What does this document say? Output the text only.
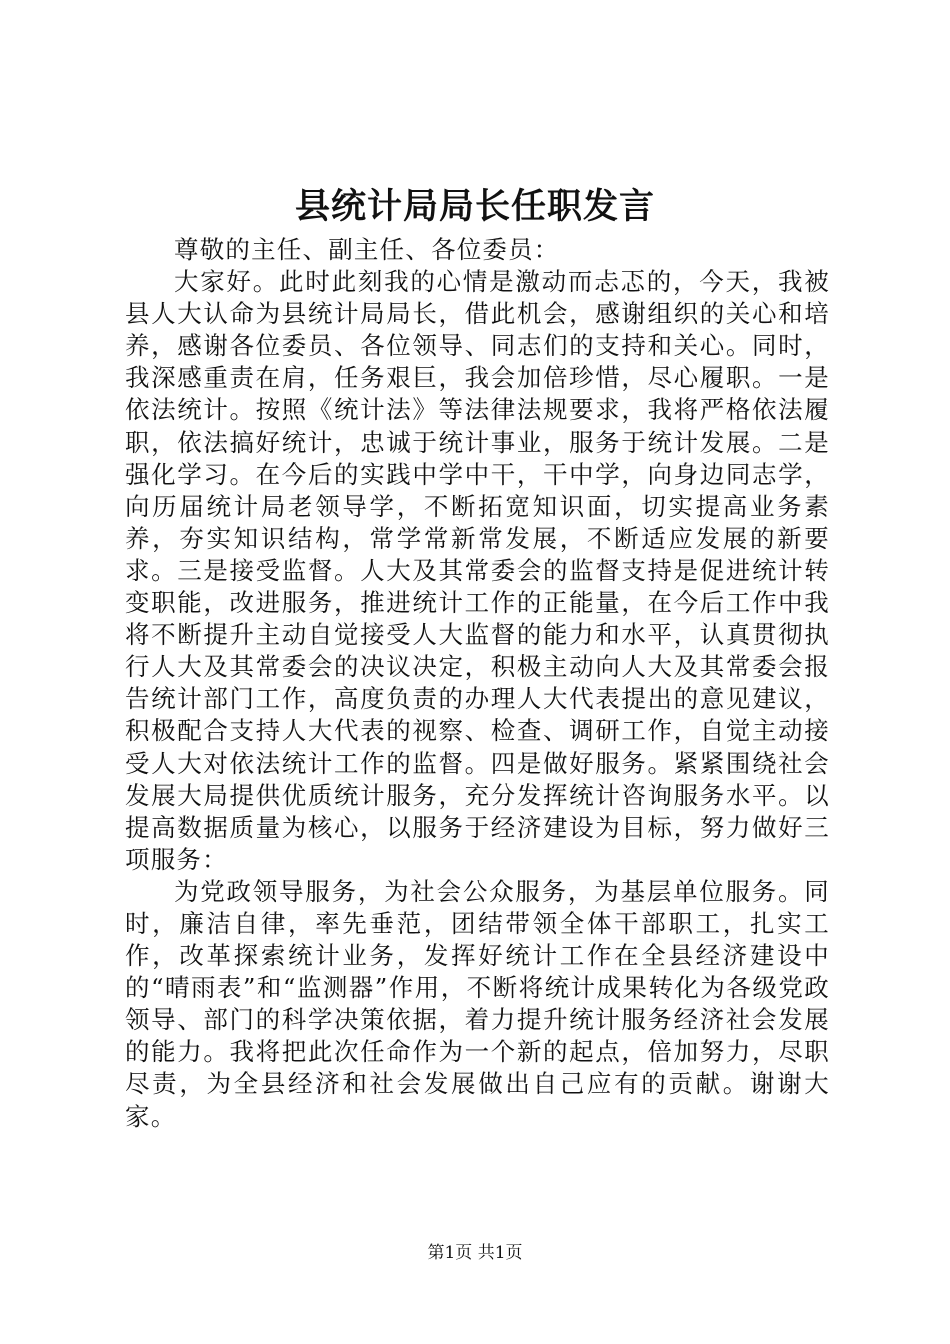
县统计局局长任职发言

尊敬的主任、副主任、各位委员：

大家好。此时此刻我的心情是激动而忐忑的，今天，我被县人大认命为县统计局局长，借此机会，感谢组织的关心和培养，感谢各位委员、各位领导、同志们的支持和关心。同时，我深感重责在肩，任务艰巨，我会加倍珍惜，尽心履职。一是依法统计。按照《统计法》等法律法规要求，我将严格依法履职，依法搞好统计，忠诚于统计事业，服务于统计发展。二是强化学习。在今后的实践中学中干，干中学，向身边同志学，向历届统计局老领导学，不断拓宽知识面，切实提高业务素养，夯实知识结构，常学常新常发展，不断适应发展的新要求。三是接受监督。人大及其常委会的监督支持是促进统计转变职能，改进服务，推进统计工作的正能量，在今后工作中我将不断提升主动自觉接受人大监督的能力和水平，认真贯彻执行人大及其常委会的决议决定，积极主动向人大及其常委会报告统计部门工作，高度负责的办理人大代表提出的意见建议，积极配合支持人大代表的视察、检查、调研工作，自觉主动接受人大对依法统计工作的监督。四是做好服务。紧紧围绕社会发展大局提供优质统计服务，充分发挥统计咨询服务水平。以提高数据质量为核心，以服务于经济建设为目标，努力做好三项服务：

为党政领导服务，为社会公众服务，为基层单位服务。同时，廉洁自律，率先垂范，团结带领全体干部职工，扎实工作，改革探索统计业务，发挥好统计工作在全县经济建设中的“晴雨表”和“监测器”作用，不断将统计成果转化为各级党政领导、部门的科学决策依据，着力提升统计服务经济社会发展的能力。我将把此次任命作为一个新的起点，倍加努力，尽职尽责，为全县经济和社会发展做出自己应有的贡献。谢谢大家。

第1页 共1页
